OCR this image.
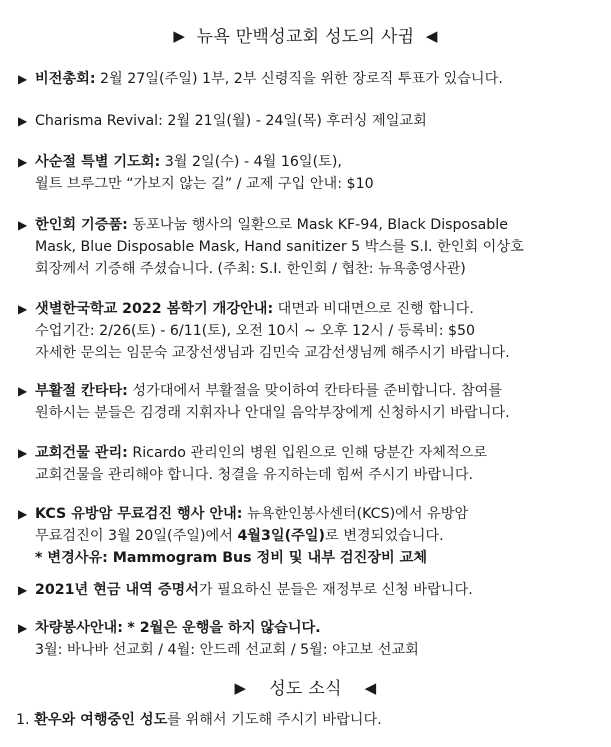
▶ 뉴욕 만백성교회 성도의 사귐 ◀
▶ 비전총회: 2월 27일(주일) 1부, 2부 신령직을 위한 장로직 투표가 있습니다.
▶ Charisma Revival: 2월 21일(월) - 24일(목) 후러싱 제일교회
▶ 사순절 특별 기도회: 3월 2일(수) - 4월 16일(토),
월트 브루그만 “가보지 않는 길” / 교제 구입 안내: $10
▶ 한인회 기증품: 동포나눔 행사의 일환으로 Mask KF-94, Black Disposable
Mask, Blue Disposable Mask, Hand sanitizer 5 박스를 S.I. 한인회 이상호
회장께서 기증해 주셨습니다. (주최: S.I. 한인회 / 협찬: 뉴욕총영사관)
▶ 샛별한국학교 2022 봄학기 개강안내: 대면과 비대면으로 진행 합니다.
수업기간: 2/26(토) - 6/11(토), 오전 10시 ~ 오후 12시 / 등록비: $50
자세한 문의는 임문숙 교장선생님과 김민숙 교감선생님께 해주시기 바랍니다.
▶ 부활절 칸타타: 성가대에서 부활절을 맞이하여 칸타타를 준비합니다. 참여를
원하시는 분들은 김경래 지휘자나 안대일 음악부장에게 신청하시기 바랍니다.
▶ 교회건물 관리: Ricardo 관리인의 병원 입원으로 인해 당분간 자체적으로
교회건물을 관리해야 합니다. 청결을 유지하는데 힘써 주시기 바랍니다.
▶ KCS 유방암 무료검진 행사 안내: 뉴욕한인봉사센터(KCS)에서 유방암
무료검진이 3월 20일(주일)에서 4월3일(주일)로 변경되었습니다.
* 변경사유: Mammogram Bus 정비 및 내부 검진장비 교체
▶ 2021년 현금 내역 증명서가 필요하신 분들은 재정부로 신청 바랍니다.
▶ 차량봉사안내: * 2월은 운행을 하지 않습니다.
3월: 바나바 선교회 / 4월: 안드레 선교회 / 5월: 야고보 선교회
▶ 성도 소식 ◀
1. 환우와 여행중인 성도를 위해서 기도해 주시기 바랍니다.
